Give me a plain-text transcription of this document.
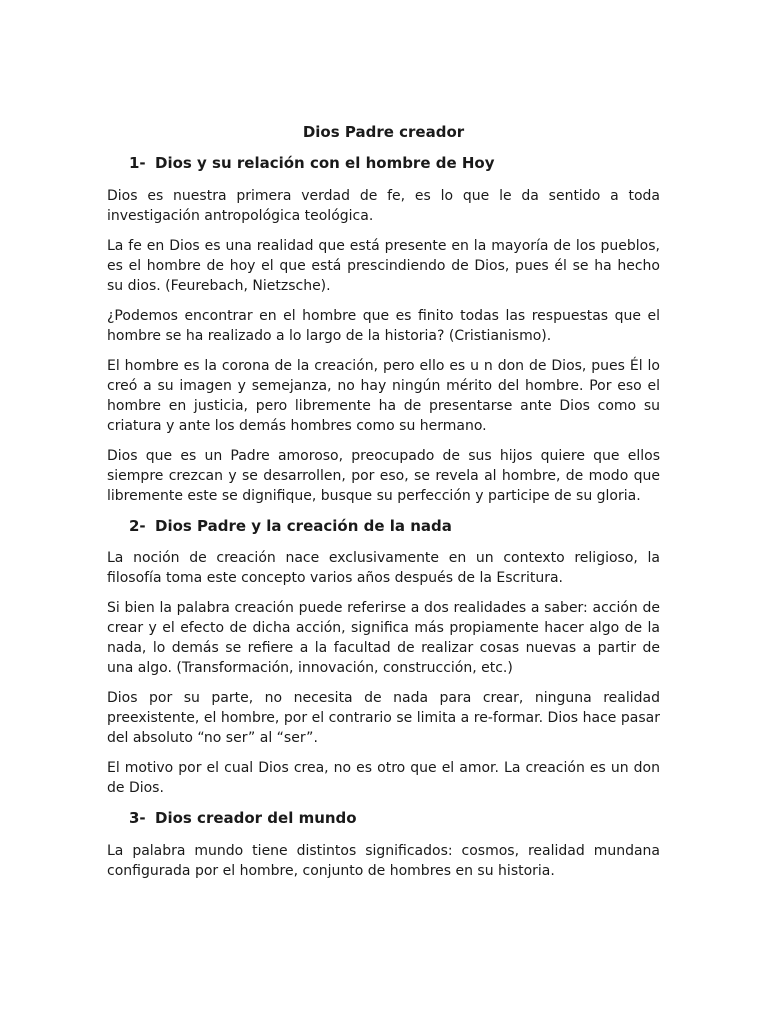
Dios Padre creador
1- Dios y su relación con el hombre de Hoy

Dios es nuestra primera verdad de fe, es lo que le da sentido a toda investigación antropológica teológica.

La fe en Dios es una realidad que está presente en la mayoría de los pueblos, es el hombre de hoy el que está prescindiendo de Dios, pues él se ha hecho su dios. (Feurebach, Nietzsche).

¿Podemos encontrar en el hombre que es finito todas las respuestas que el hombre se ha realizado a lo largo de la historia? (Cristianismo).

El hombre es la corona de la creación, pero ello es u n don de Dios, pues Él lo creó a su imagen y semejanza, no hay ningún mérito del hombre. Por eso el hombre en justicia, pero libremente ha de presentarse ante Dios como su criatura y ante los demás hombres como su hermano.

Dios que es un Padre amoroso, preocupado de sus hijos quiere que ellos siempre crezcan y se desarrollen, por eso, se revela al hombre, de modo que libremente este se dignifique, busque su perfección y participe de su gloria.

2- Dios Padre y la creación de la nada

La noción de creación nace exclusivamente en un contexto religioso, la filosofía toma este concepto varios años después de la Escritura.

Si bien la palabra creación puede referirse a dos realidades a saber: acción de crear y el efecto de dicha acción, significa más propiamente hacer algo de la nada, lo demás se refiere a la facultad de realizar cosas nuevas a partir de una algo. (Transformación, innovación, construcción, etc.)

Dios por su parte, no necesita de nada para crear, ninguna realidad preexistente, el hombre, por el contrario se limita a re-formar. Dios hace pasar del absoluto “no ser” al “ser”.

El motivo por el cual Dios crea, no es otro que el amor. La creación es un don de Dios.

3- Dios creador del mundo

La palabra mundo tiene distintos significados: cosmos, realidad mundana configurada por el hombre, conjunto de hombres en su historia.
